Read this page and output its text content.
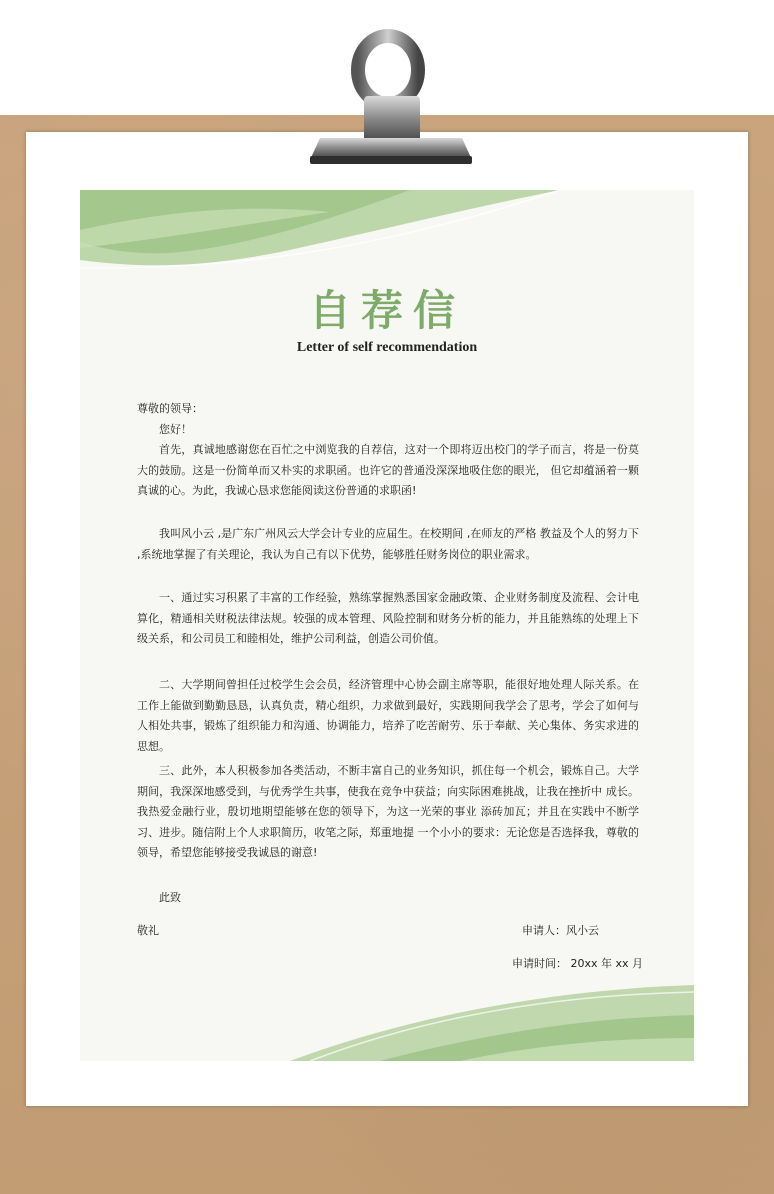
自荐信
Letter of self recommendation
尊敬的领导：
您好！
首先，真诚地感谢您在百忙之中浏览我的自荐信，这对一个即将迈出校门的学子而言，将是一份莫大的鼓励。这是一份简单而又朴实的求职函。也许它的普通没深深地吸住您的眼光， 但它却蕴涵着一颗真诚的心。为此，我诚心恳求您能阅读这份普通的求职函!
我叫风小云 ,是广东广州风云大学会计专业的应届生。在校期间 ,在师友的严格 教益及个人的努力下 ,系统地掌握了有关理论，我认为自己有以下优势，能够胜任财务岗位的职业需求。
一、通过实习积累了丰富的工作经验，熟练掌握熟悉国家金融政策、企业财务制度及流程、会计电算化，精通相关财税法律法规。较强的成本管理、风险控制和财务分析的能力，并且能熟练的处理上下级关系，和公司员工和睦相处，维护公司利益，创造公司价值。
二、大学期间曾担任过校学生会会员，经济管理中心协会副主席等职，能很好地处理人际关系。在工作上能做到勤勤恳恳，认真负责，精心组织，力求做到最好，实践期间我学会了思考，学会了如何与人相处共事，锻炼了组织能力和沟通、协调能力，培养了吃苦耐劳、乐于奉献、关心集体、务实求进的思想。
三、此外，本人积极参加各类活动，不断丰富自己的业务知识，抓住每一个机会，锻炼自己。大学期间，我深深地感受到，与优秀学生共事，使我在竞争中获益；向实际困难挑战，让我在挫折中 成长。我热爱金融行业，殷切地期望能够在您的领导下，为这一光荣的事业 添砖加瓦；并且在实践中不断学习、进步。随信附上个人求职简历，收笔之际，郑重地提 一个小小的要求：无论您是否选择我，尊敬的领导，希望您能够接受我诚恳的谢意!
此致
敬礼	申请人：风小云
申请时间： 20xx 年 xx 月
